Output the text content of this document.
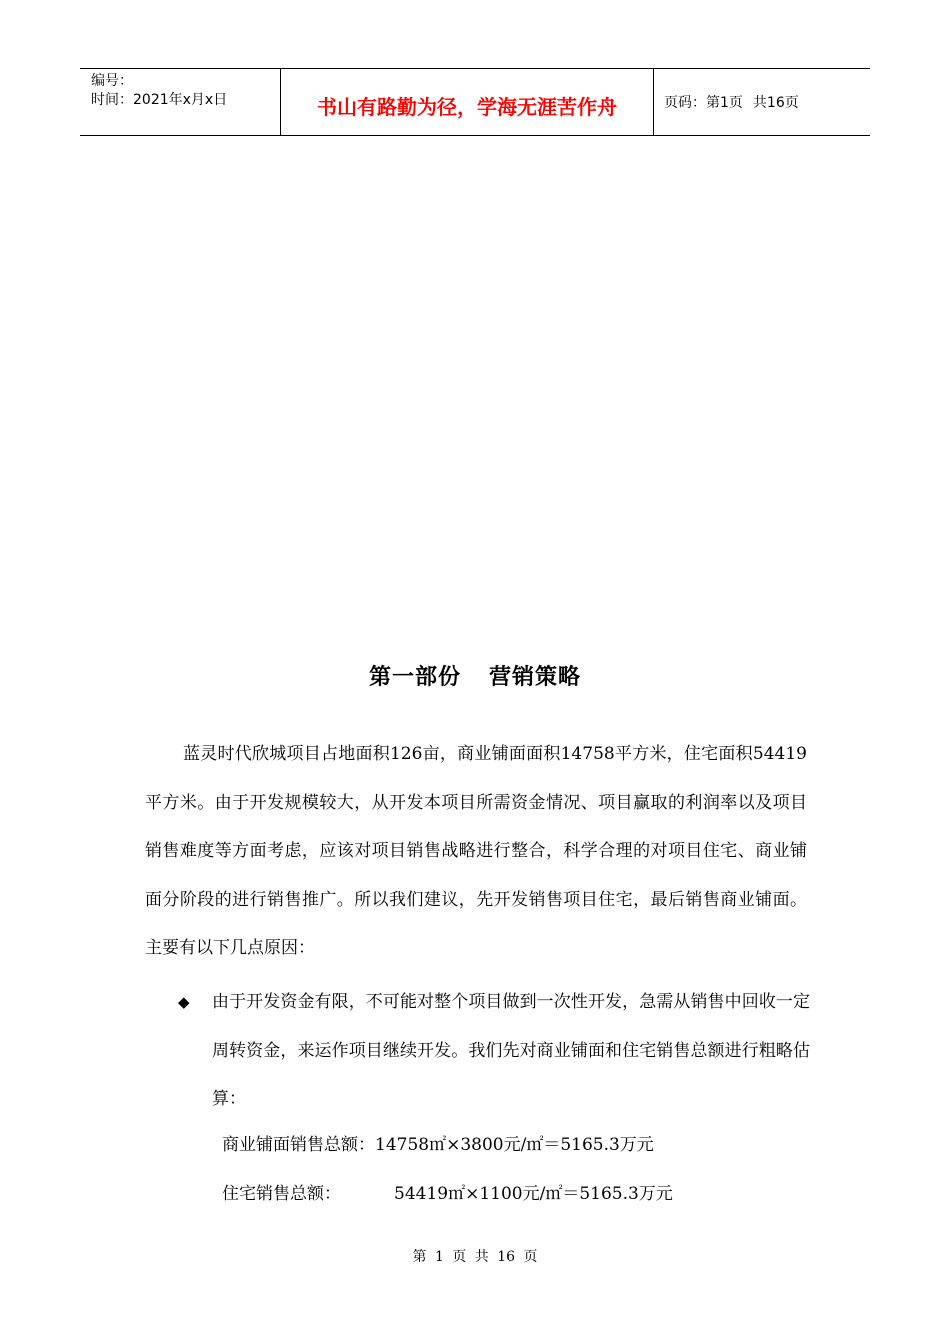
编号：
时间：2021年x月x日	书山有路勤为径，学海无涯苦作舟	页码：第1页 共16页
第一部份 营销策略

蓝灵时代欣城项目占地面积126亩，商业铺面面积14758平方米，住宅面积54419平方米。由于开发规模较大，从开发本项目所需资金情况、项目赢取的利润率以及项目销售难度等方面考虑，应该对项目销售战略进行整合，科学合理的对项目住宅、商业铺面分阶段的进行销售推广。所以我们建议，先开发销售项目住宅，最后销售商业铺面。主要有以下几点原因：

◆	由于开发资金有限，不可能对整个项目做到一次性开发，急需从销售中回收一定周转资金，来运作项目继续开发。我们先对商业铺面和住宅销售总额进行粗略估算：

商业铺面销售总额：14758㎡×3800元/㎡＝5165.3万元
住宅销售总额：	54419㎡×1100元/㎡＝5165.3万元
第 1 页 共 16 页
